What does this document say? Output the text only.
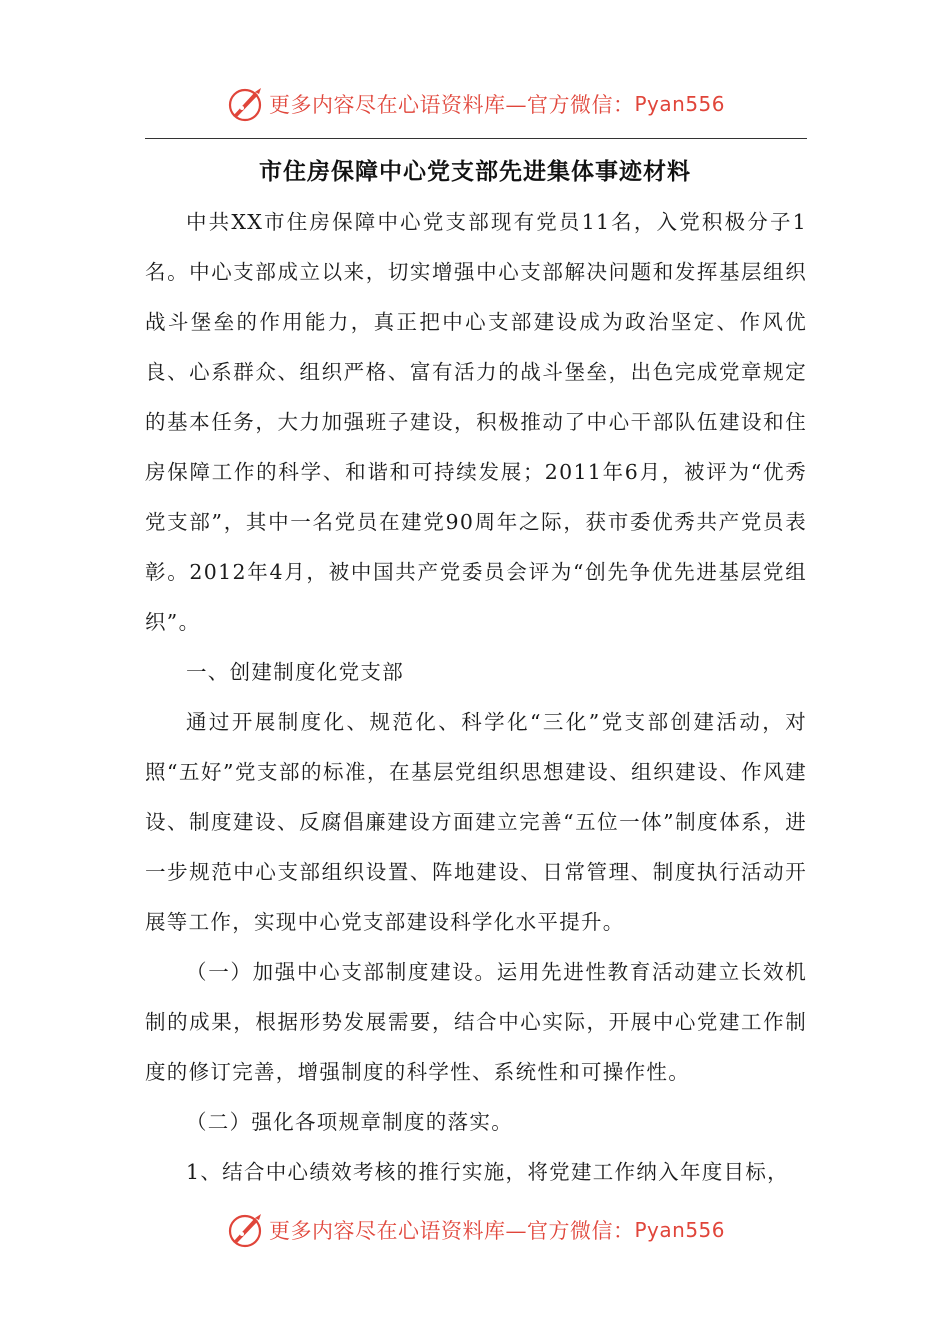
更多内容尽在心语资料库—官方微信： Pyan556
市住房保障中心党支部先进集体事迹材料

中共XX市住房保障中心党支部现有党员11名，入党积极分子1名。中心支部成立以来，切实增强中心支部解决问题和发挥基层组织战斗堡垒的作用能力，真正把中心支部建设成为政治坚定、作风优良、心系群众、组织严格、富有活力的战斗堡垒，出色完成党章规定的基本任务，大力加强班子建设，积极推动了中心干部队伍建设和住房保障工作的科学、和谐和可持续发展；2011年6月，被评为“优秀党支部”，其中一名党员在建党90周年之际，获市委优秀共产党员表彰。2012年4月，被中国共产党委员会评为“创先争优先进基层党组织”。

一、创建制度化党支部

通过开展制度化、规范化、科学化“三化”党支部创建活动，对照“五好”党支部的标准，在基层党组织思想建设、组织建设、作风建设、制度建设、反腐倡廉建设方面建立完善“五位一体”制度体系，进一步规范中心支部组织设置、阵地建设、日常管理、制度执行活动开展等工作，实现中心党支部建设科学化水平提升。

（一）加强中心支部制度建设。运用先进性教育活动建立长效机制的成果，根据形势发展需要，结合中心实际，开展中心党建工作制度的修订完善，增强制度的科学性、系统性和可操作性。

（二）强化各项规章制度的落实。

1、结合中心绩效考核的推行实施，将党建工作纳入年度目标，

更多内容尽在心语资料库—官方微信： Pyan556
